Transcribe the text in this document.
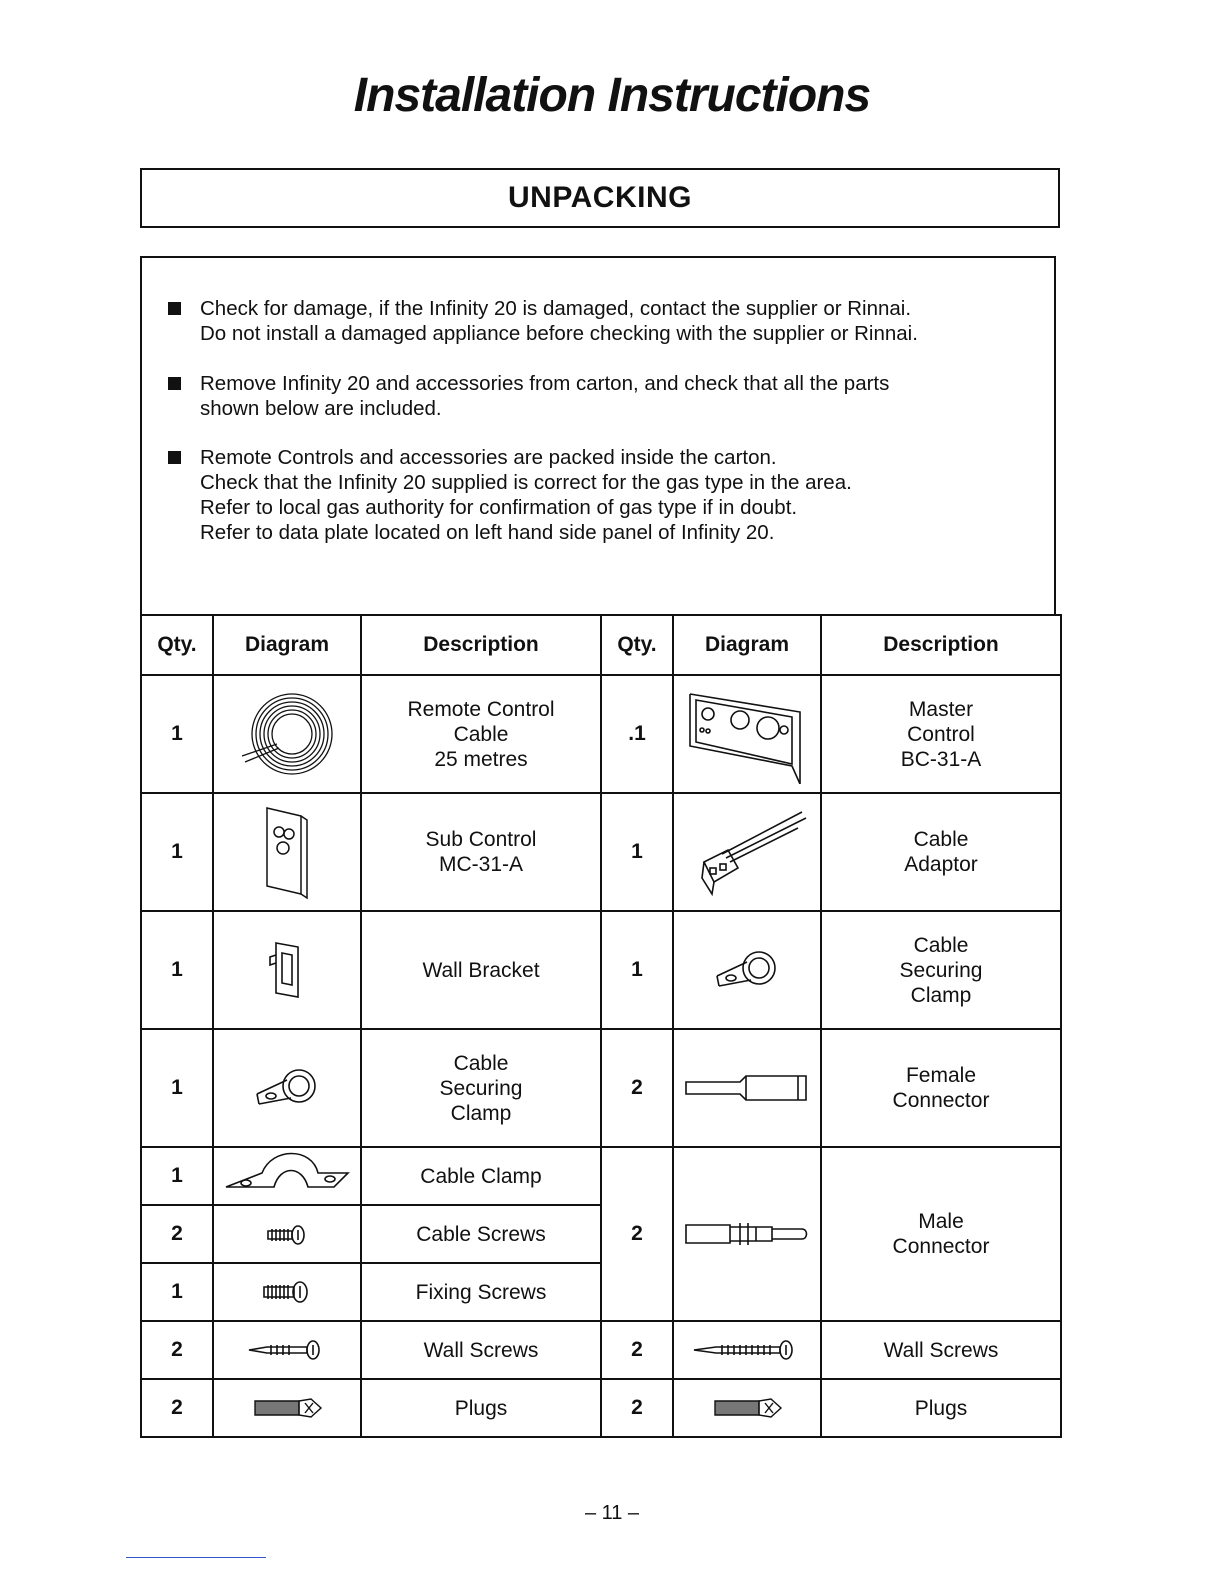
Installation Instructions
UNPACKING
Check for damage, if the Infinity 20 is damaged, contact the supplier or Rinnai.
Do not install a damaged appliance before checking with the supplier or Rinnai.
Remove Infinity 20 and accessories from carton, and check that all the parts
shown below are included.
Remote Controls and accessories are packed inside the carton.
Check that the Infinity 20 supplied is correct for the gas type in the area.
Refer to local gas authority for confirmation of gas type if in doubt.
Refer to data plate located on left hand side panel of Infinity 20.
Qty.	Diagram	Description	Qty.	Diagram	Description
1		Remote Control
Cable
25 metres	.1		Master
Control
BC-31-A
1		Sub Control
MC-31-A	1		Cable
Adaptor
1		Wall Bracket	1		Cable
Securing
Clamp
1		Cable
Securing
Clamp	2		Female
Connector
1		Cable Clamp	2		Male
Connector
2		Cable Screws			
1		Fixing Screws			
2		Wall Screws	2		Wall Screws
2		Plugs	2		Plugs
– 11 –
